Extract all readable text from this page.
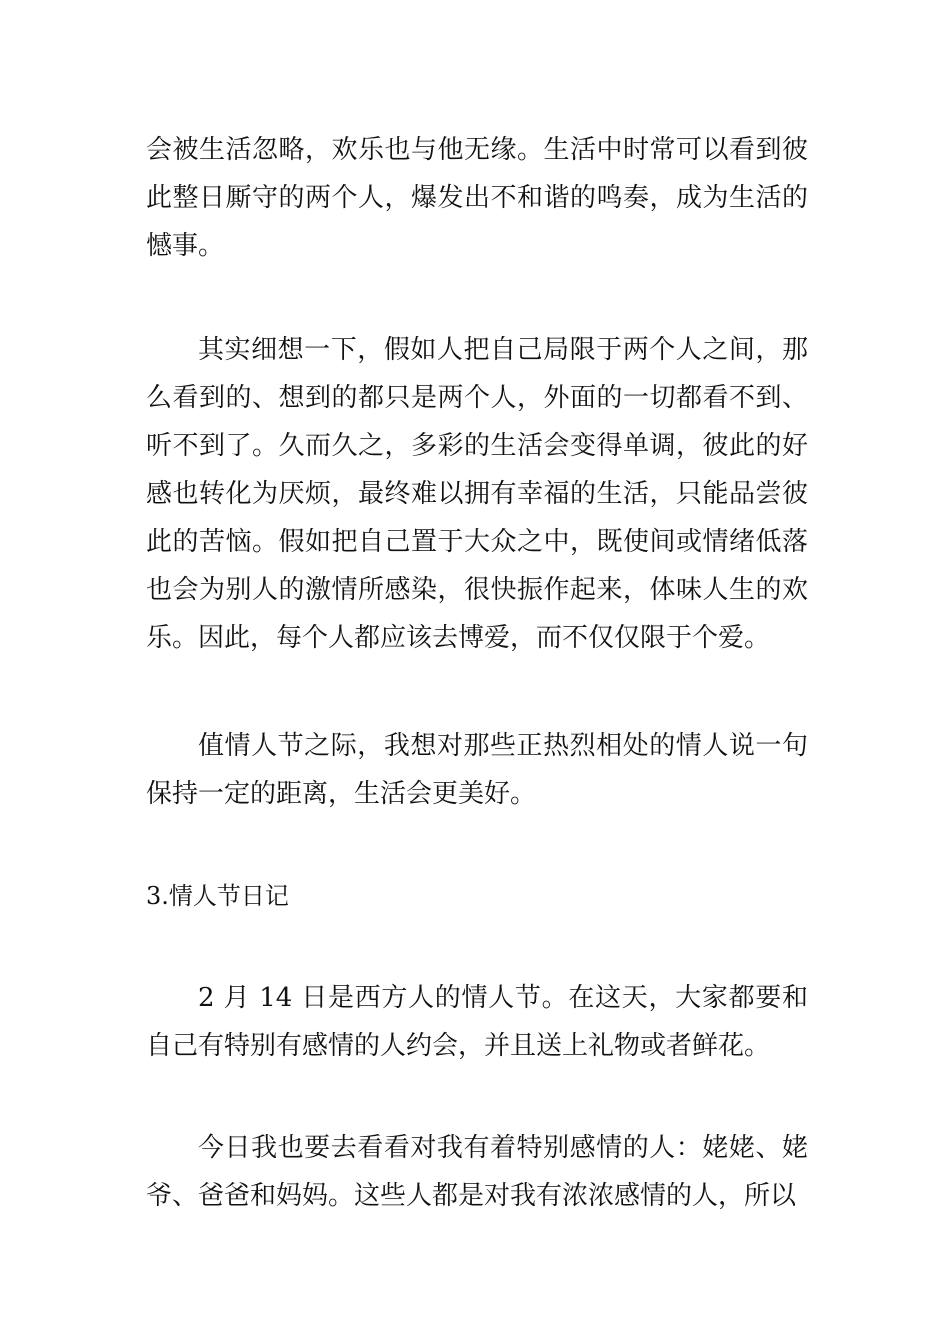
会被生活忽略，欢乐也与他无缘。生活中时常可以看到彼此整日厮守的两个人，爆发出不和谐的鸣奏，成为生活的憾事。

其实细想一下，假如人把自己局限于两个人之间，那么看到的、想到的都只是两个人，外面的一切都看不到、听不到了。久而久之，多彩的生活会变得单调，彼此的好感也转化为厌烦，最终难以拥有幸福的生活，只能品尝彼此的苦恼。假如把自己置于大众之中，既使间或情绪低落也会为别人的激情所感染，很快振作起来，体味人生的欢乐。因此，每个人都应该去博爱，而不仅仅限于个爱。

值情人节之际，我想对那些正热烈相处的情人说一句保持一定的距离，生活会更美好。

3.情人节日记

2 月 14 日是西方人的情人节。在这天，大家都要和自己有特别有感情的人约会，并且送上礼物或者鲜花。

今日我也要去看看对我有着特别感情的人：姥姥、姥爷、爸爸和妈妈。这些人都是对我有浓浓感情的人，所以
